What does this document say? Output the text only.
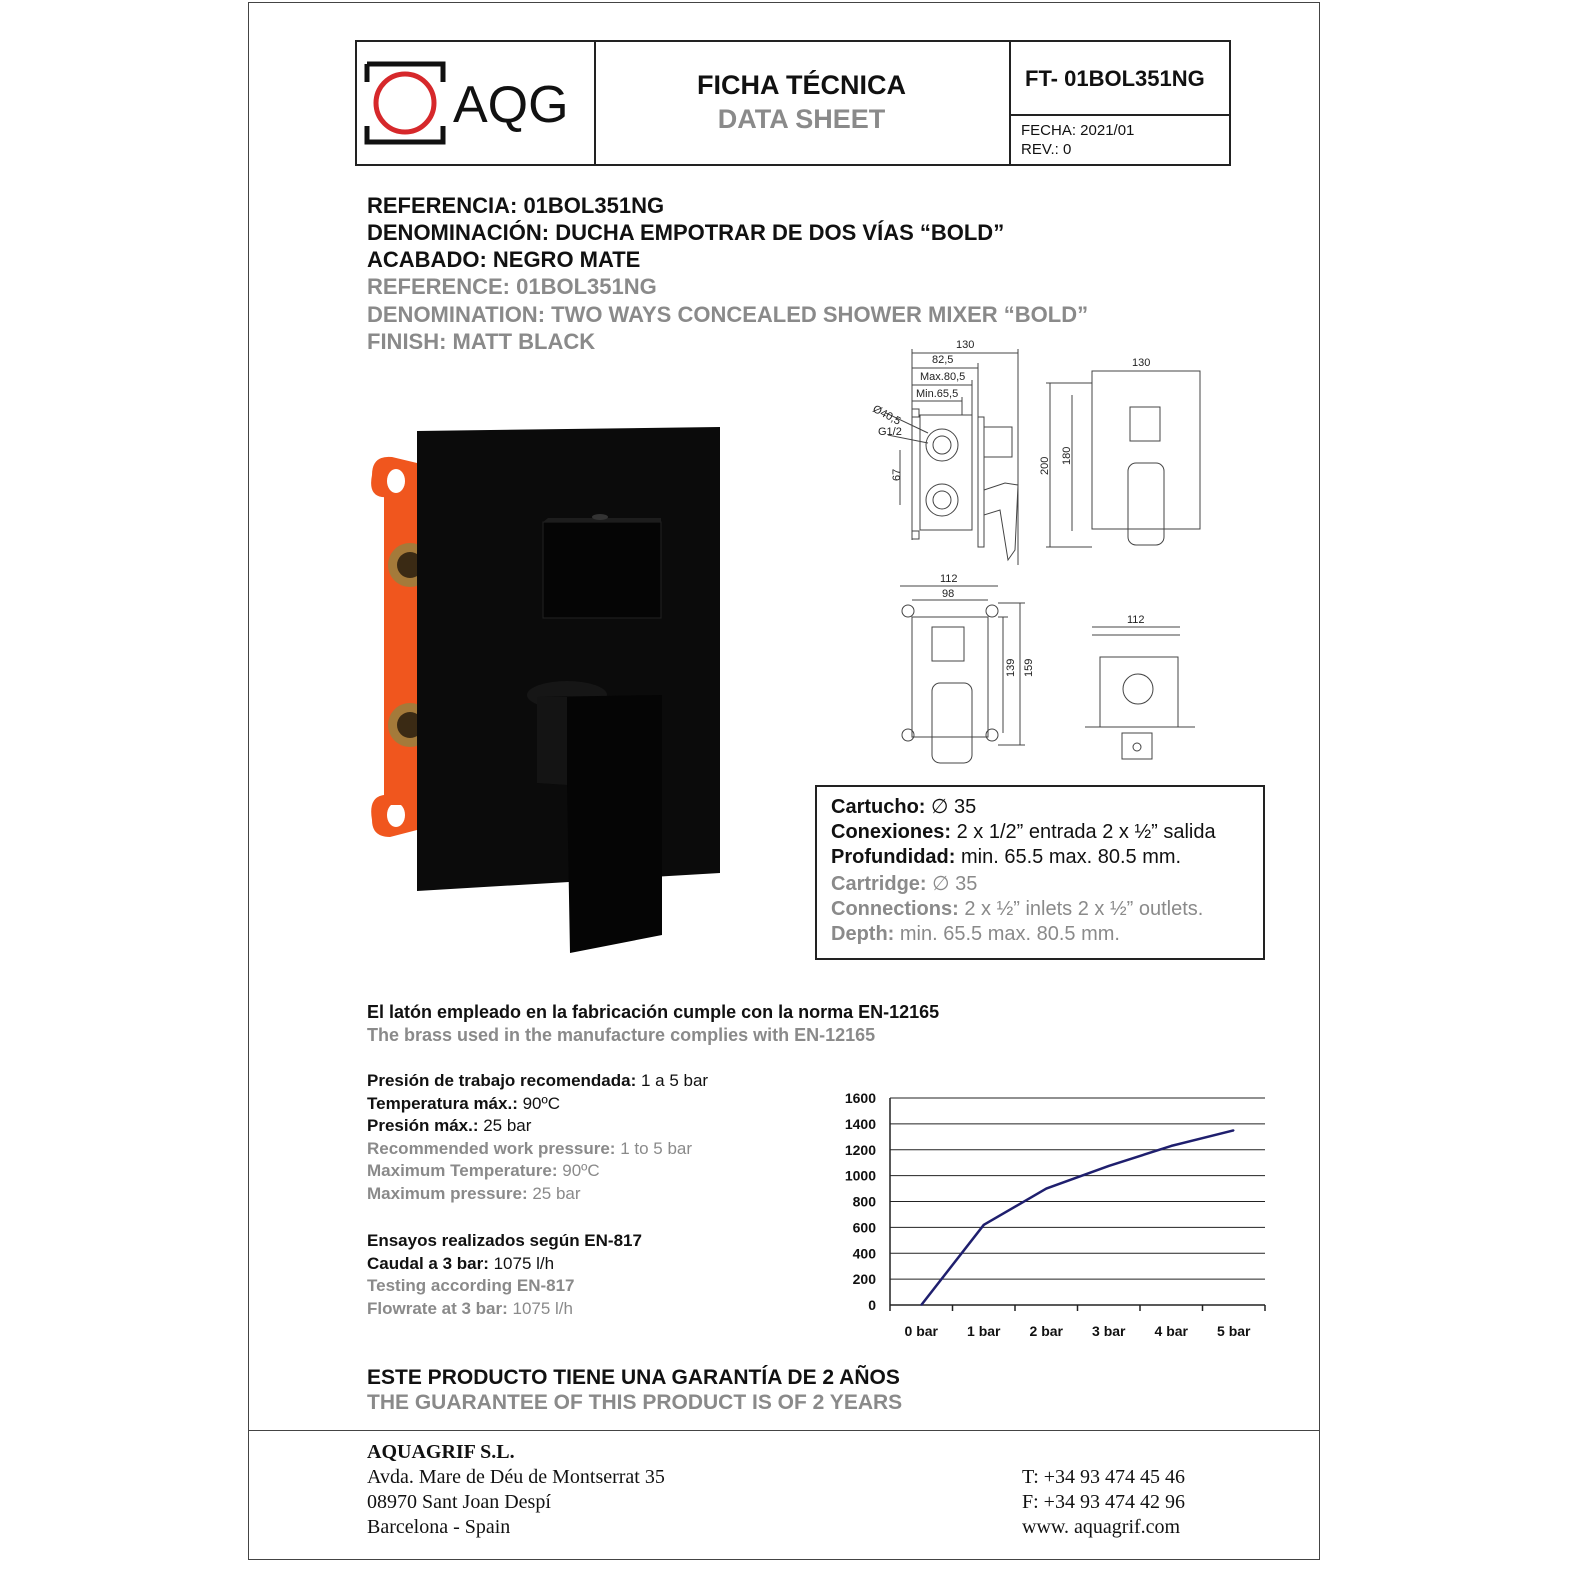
AQG	FICHA TÉCNICA
DATA SHEET
FT- 01BOL351NG
FECHA: 2021/01
REV.: 0
REFERENCIA: 01BOL351NG
DENOMINACIÓN: DUCHA EMPOTRAR DE DOS VÍAS “BOLD”
ACABADO: NEGRO MATE
REFERENCE: 01BOL351NG
DENOMINATION: TWO WAYS CONCEALED SHOWER MIXER “BOLD”
FINISH: MATT BLACK	130
82,5
Max.80,5
Min.65,5
Ø40,5
G1/2
67
130
200
180
112
98
139 159
112
Cartucho: ∅ 35
Conexiones: 2 x 1/2” entrada 2 x ½” salida
Profundidad: min. 65.5 max. 80.5 mm.
Cartridge: ∅ 35
Connections: 2 x ½” inlets 2 x ½” outlets.
Depth: min. 65.5 max. 80.5 mm.
El latón empleado en la fabricación cumple con la norma EN-12165
The brass used in the manufacture complies with EN-12165
Presión de trabajo recomendada: 1 a 5 bar
Temperatura máx.: 90ºC
Presión máx.: 25 bar
Recommended work pressure: 1 to 5 bar
Maximum Temperature: 90ºC
Maximum pressure: 25 bar
Ensayos realizados según EN-817
Caudal a 3 bar: 1075 l/h
Testing according EN-817
Flowrate at 3 bar: 1075 l/h	0
200
400
600
800
1000
1200
1400
1600
0 bar 1 bar 2 bar 3 bar 4 bar 5 bar
ESTE PRODUCTO TIENE UNA GARANTÍA DE 2 AÑOS
THE GUARANTEE OF THIS PRODUCT IS OF 2 YEARS
AQUAGRIF S.L.
Avda. Mare de Déu de Montserrat 35
08970 Sant Joan Despí
Barcelona - Spain
T: +34 93 474 45 46
F: +34 93 474 42 96
www. aquagrif.com
